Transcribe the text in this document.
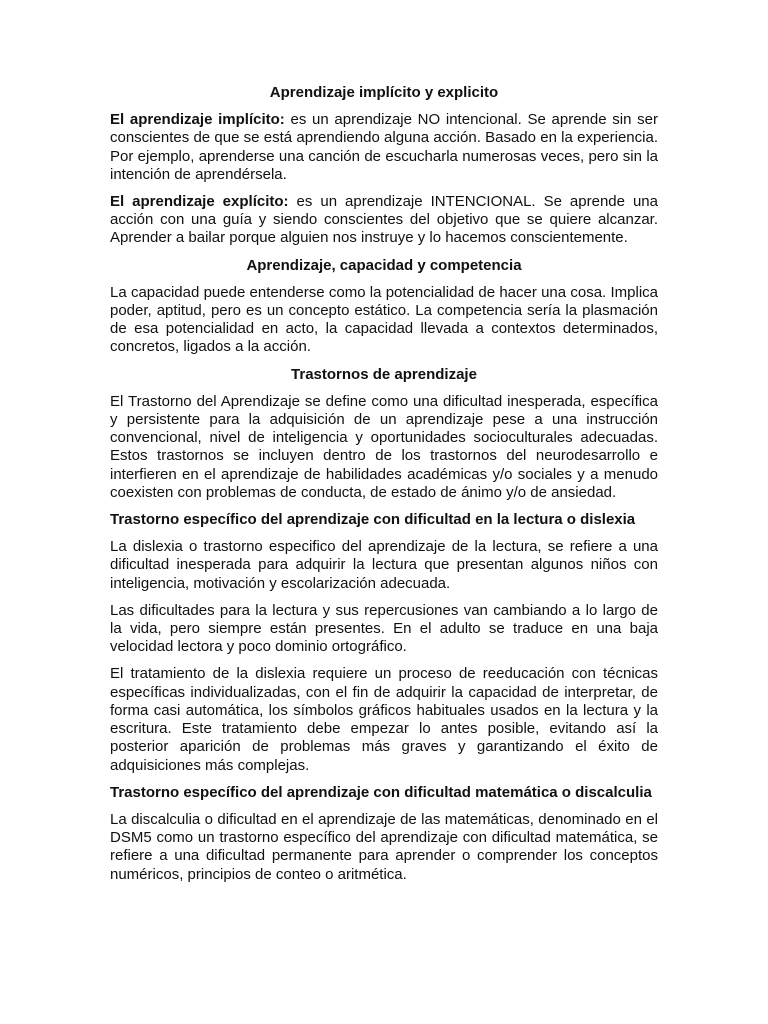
Aprendizaje implícito y explicito

El aprendizaje implícito: es un aprendizaje NO intencional. Se aprende sin ser conscientes de que se está aprendiendo alguna acción. Basado en la experiencia. Por ejemplo, aprenderse una canción de escucharla numerosas veces, pero sin la intención de aprendérsela.

El aprendizaje explícito: es un aprendizaje INTENCIONAL. Se aprende una acción con una guía y siendo conscientes del objetivo que se quiere alcanzar. Aprender a bailar porque alguien nos instruye y lo hacemos conscientemente.

Aprendizaje, capacidad y competencia

La capacidad puede entenderse como la potencialidad de hacer una cosa. Implica poder, aptitud, pero es un concepto estático. La competencia sería la plasmación de esa potencialidad en acto, la capacidad llevada a contextos determinados, concretos, ligados a la acción.

Trastornos de aprendizaje

El Trastorno del Aprendizaje se define como una dificultad inesperada, específica y persistente para la adquisición de un aprendizaje pese a una instrucción convencional, nivel de inteligencia y oportunidades socioculturales adecuadas. Estos trastornos se incluyen dentro de los trastornos del neurodesarrollo e interfieren en el aprendizaje de habilidades académicas y/o sociales y a menudo coexisten con problemas de conducta, de estado de ánimo y/o de ansiedad.

Trastorno específico del aprendizaje con dificultad en la lectura o dislexia

La dislexia o trastorno especifico del aprendizaje de la lectura, se refiere a una dificultad inesperada para adquirir la lectura que presentan algunos niños con inteligencia, motivación y escolarización adecuada.

Las dificultades para la lectura y sus repercusiones van cambiando a lo largo de la vida, pero siempre están presentes. En el adulto se traduce en una baja velocidad lectora y poco dominio ortográfico.

El tratamiento de la dislexia requiere un proceso de reeducación con técnicas específicas individualizadas, con el fin de adquirir la capacidad de interpretar, de forma casi automática, los símbolos gráficos habituales usados en la lectura y la escritura. Este tratamiento debe empezar lo antes posible, evitando así la posterior aparición de problemas más graves y garantizando el éxito de adquisiciones más complejas.

Trastorno específico del aprendizaje con dificultad matemática o discalculia

La discalculia o dificultad en el aprendizaje de las matemáticas, denominado en el DSM5 como un trastorno específico del aprendizaje con dificultad matemática, se refiere a una dificultad permanente para aprender o comprender los conceptos numéricos, principios de conteo o aritmética.
